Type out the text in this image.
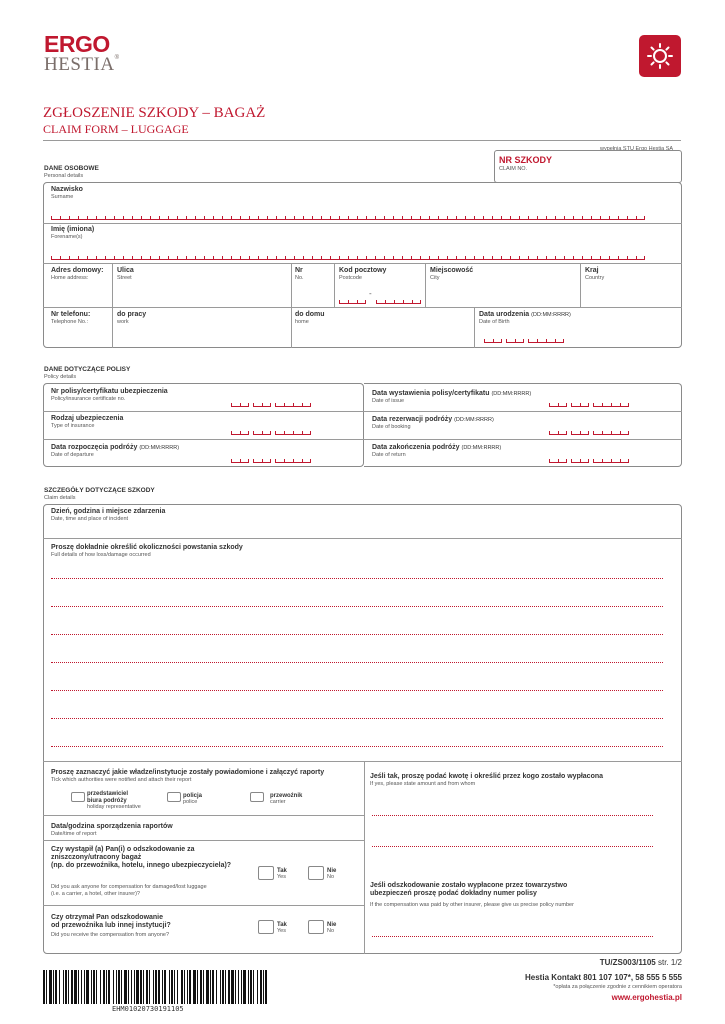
ERGO
HESTIA ®
ZGŁOSZENIE SZKODY – BAGAŻ
CLAIM FORM – LUGGAGE
wypełnia STU Ergo Hestia SA
NR SZKODY
CLAIM NO.
DANE OSOBOWE
Personal details
Nazwisko
Surname
Imię (imiona)
Forename(s)
Adres domowy:
Home address:
Ulica
Street
Nr
No.
Kod pocztowy
Postcode
-
Miejscowość
City
Kraj
Country
Nr telefonu:
Telephone No.:
do pracy
work
do domu
home
Data urodzenia (DD:MM:RRRR)
Date of Birth
DANE DOTYCZĄCE POLISY
Policy details
Nr polisy/certyfikatu ubezpieczenia
Policy/insurance certificate no.
Data wystawienia polisy/certyfikatu (DD:MM:RRRR)
Date of issue
Rodzaj ubezpieczenia
Type of insurance
Data rezerwacji podróży (DD:MM:RRRR)
Date of booking
Data rozpoczęcia podróży (DD:MM:RRRR)
Date of departure
Data zakończenia podróży (DD:MM:RRRR)
Date of return
SZCZEGÓŁY DOTYCZĄCE SZKODY
Claim details
Dzień, godzina i miejsce zdarzenia
Date, time and place of incident
Proszę dokładnie określić okoliczności powstania szkody
Full details of how loss/damage occurred
Proszę zaznaczyć jakie władze/instytucje zostały powiadomione i załączyć raporty
Tick which authorities were notified and attach their report
przedstawiciel
biura podróży
holiday representative
policja
police
przewoźnik
carrier
Jeśli tak, proszę podać kwotę i określić przez kogo zostało wypłacona
If yes, please state amount and from whom
Data/godzina sporządzenia raportów
Date/time of report
Czy wystąpił (a) Pan(i) o odszkodowanie za
zniszczony/utracony bagaż
(np. do przewoźnika, hotelu, innego ubezpieczyciela)?
Did you ask anyone for compensation for damaged/lost luggage
(i.e. a carrier, a hotel, other insurer)?
Tak
Yes
Nie
No
Jeśli odszkodowanie zostało wypłacone przez towarzystwo
ubezpieczeń proszę podać dokładny numer polisy
If the compensation was paid by other insurer, please give us precise policy number
Czy otrzymał Pan odszkodowanie
od przewoźnika lub innej instytucji?
Did you receive the compensation from anyone?
Tak
Yes
Nie
No
TU/ZS003/1105 str. 1/2
EHM01020730191105
Hestia Kontakt 801 107 107*, 58 555 5 555
*opłata za połączenie zgodnie z cennikiem operatora
www.ergohestia.pl
